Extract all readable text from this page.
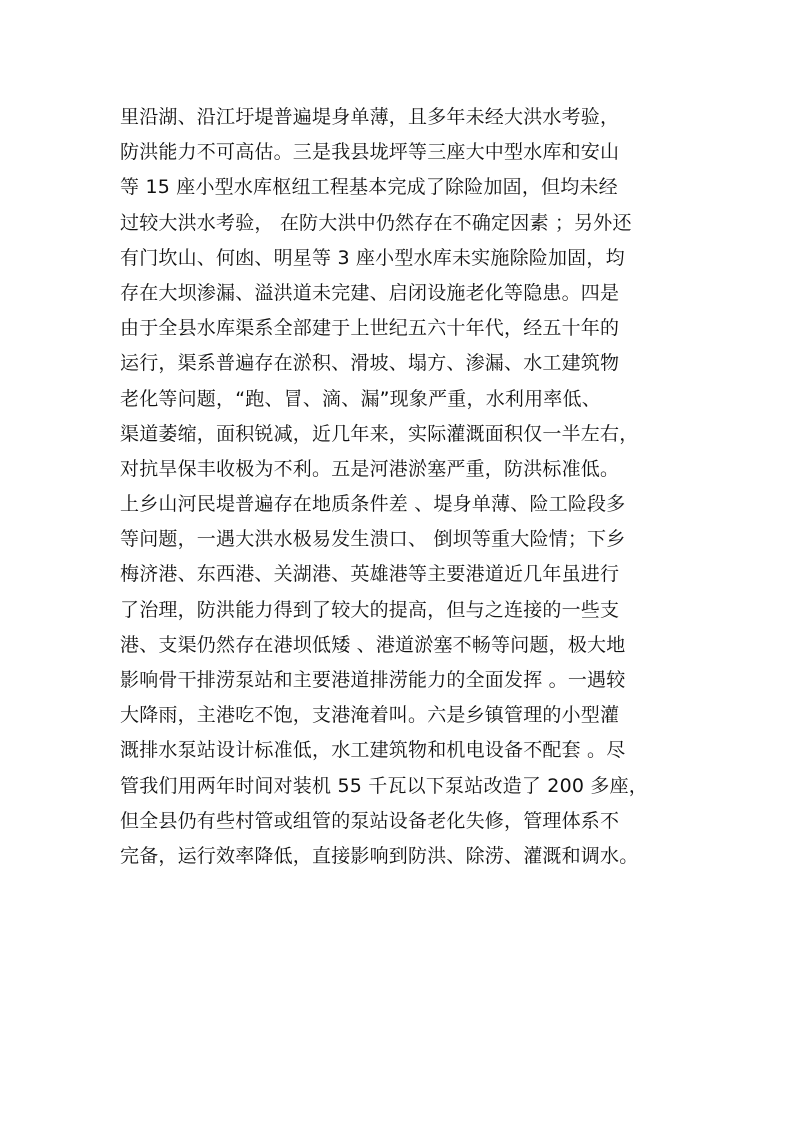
里沿湖、沿江圩堤普遍堤身单薄，且多年未经大洪水考验，
防洪能力不可高估。三是我县垅坪等三座大中型水库和安山
等 15 座小型水库枢纽工程基本完成了除险加固，但均未经
过较大洪水考验， 在防大洪中仍然存在不确定因素 ；另外还
有门坎山、何凼、明星等 3 座小型水库未实施除险加固，均
存在大坝渗漏、溢洪道未完建、启闭设施老化等隐患。四是
由于全县水库渠系全部建于上世纪五六十年代，经五十年的
运行，渠系普遍存在淤积、滑坡、塌方、渗漏、水工建筑物
老化等问题，“跑、冒、滴、漏”现象严重，水利用率低、
渠道萎缩，面积锐减，近几年来，实际灌溉面积仅一半左右，
对抗旱保丰收极为不利。五是河港淤塞严重，防洪标准低。
上乡山河民堤普遍存在地质条件差 、堤身单薄、险工险段多
等问题，一遇大洪水极易发生溃口、 倒坝等重大险情；下乡
梅济港、东西港、关湖港、英雄港等主要港道近几年虽进行
了治理，防洪能力得到了较大的提高，但与之连接的一些支
港、支渠仍然存在港坝低矮 、港道淤塞不畅等问题，极大地
影响骨干排涝泵站和主要港道排涝能力的全面发挥 。一遇较
大降雨，主港吃不饱，支港淹着叫。六是乡镇管理的小型灌
溉排水泵站设计标准低，水工建筑物和机电设备不配套 。尽
管我们用两年时间对装机 55 千瓦以下泵站改造了 200 多座，
但全县仍有些村管或组管的泵站设备老化失修，管理体系不
完备，运行效率降低，直接影响到防洪、除涝、灌溉和调水。
